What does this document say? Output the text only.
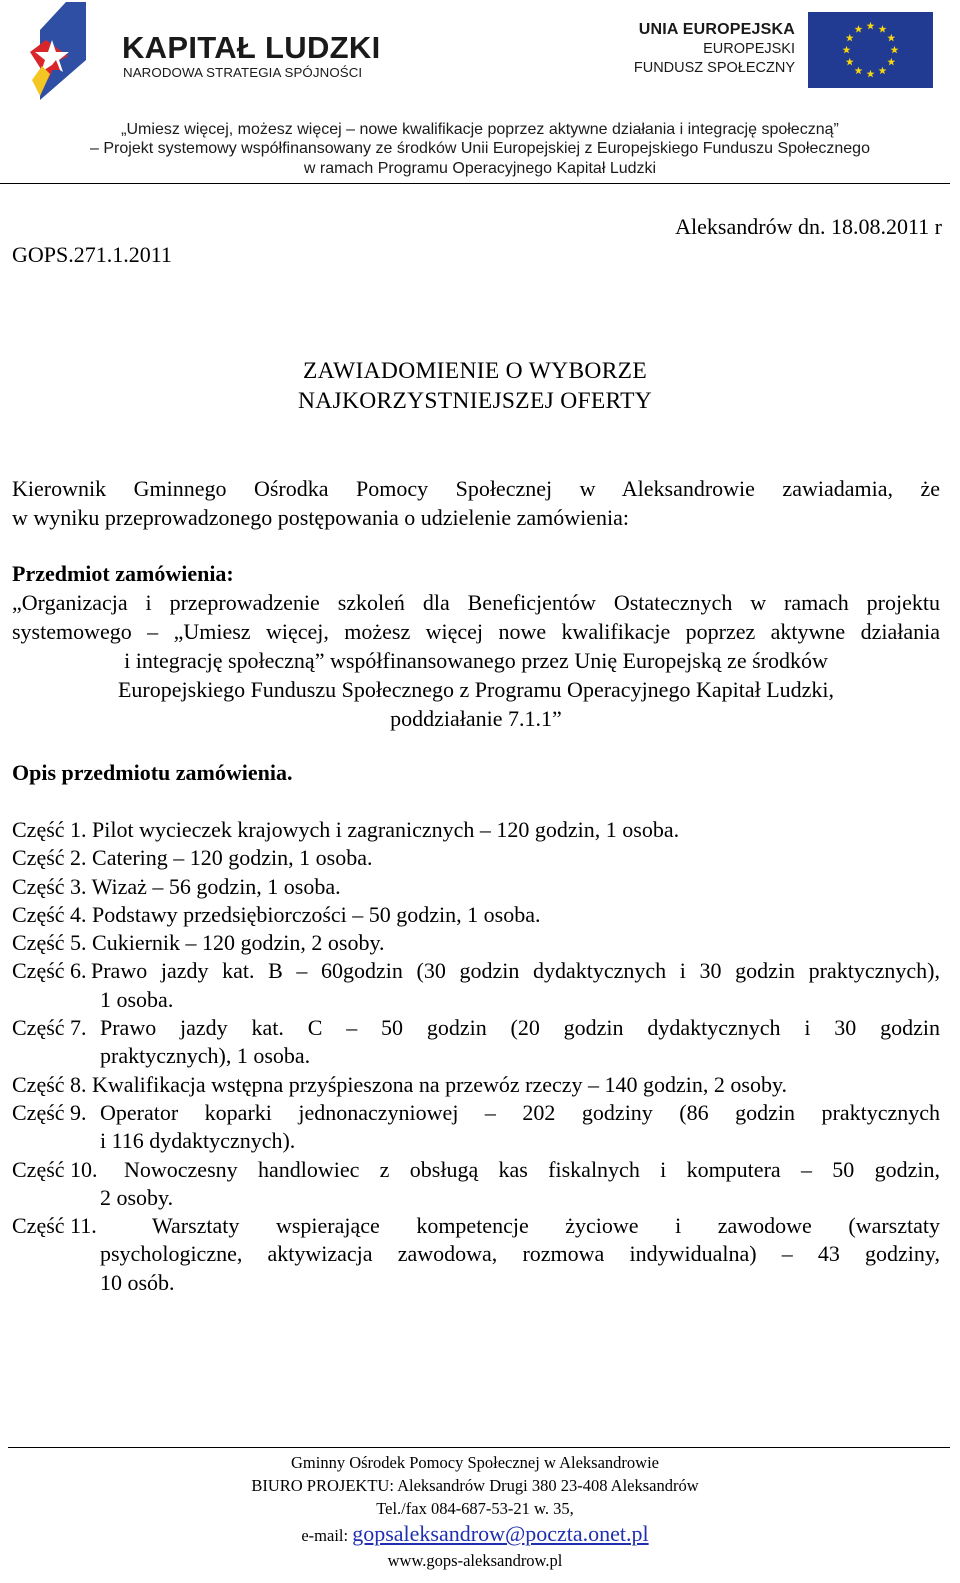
KAPITAŁ LUDZKI
NARODOWA STRATEGIA SPÓJNOŚCI
UNIA EUROPEJSKA
EUROPEJSKI
FUNDUSZ SPOŁECZNY
„Umiesz więcej, możesz więcej – nowe kwalifikacje poprzez aktywne działania i integrację społeczną”
– Projekt systemowy współfinansowany ze środków Unii Europejskiej z Europejskiego Funduszu Społecznego
w ramach Programu Operacyjnego Kapitał Ludzki
GOPS.271.1.2011
Aleksandrów dn. 18.08.2011 r
ZAWIADOMIENIE O WYBORZE
NAJKORZYSTNIEJSZEJ OFERTY
Kierownik Gminnego Ośrodka Pomocy Społecznej w Aleksandrowie zawiadamia, że
w wyniku przeprowadzonego postępowania o udzielenie zamówienia:
Przedmiot zamówienia:
„Organizacja i przeprowadzenie szkoleń dla Beneficjentów Ostatecznych w ramach projektu
systemowego – „Umiesz więcej, możesz więcej nowe kwalifikacje poprzez aktywne działania
i integrację społeczną” współfinansowanego przez Unię Europejską ze środków
Europejskiego Funduszu Społecznego z Programu Operacyjnego Kapitał Ludzki,
poddziałanie 7.1.1”
Opis przedmiotu zamówienia.
Część 1. Pilot wycieczek krajowych i zagranicznych – 120 godzin, 1 osoba.
Część 2. Catering – 120 godzin, 1 osoba.
Część 3. Wizaż – 56 godzin, 1 osoba.
Część 4. Podstawy przedsiębiorczości – 50 godzin, 1 osoba.
Część 5. Cukiernik – 120 godzin, 2 osoby.
Część 6. Prawo jazdy kat. B – 60godzin (30 godzin dydaktycznych i 30 godzin praktycznych),
1 osoba.
Część 7. Prawo jazdy kat. C – 50 godzin (20 godzin dydaktycznych i 30 godzin
praktycznych), 1 osoba.
Część 8. Kwalifikacja wstępna przyśpieszona na przewóz rzeczy – 140 godzin, 2 osoby.
Część 9. Operator koparki jednonaczyniowej – 202 godziny (86 godzin praktycznych
i 116 dydaktycznych).
Część 10. Nowoczesny handlowiec z obsługą kas fiskalnych i komputera – 50 godzin,
2 osoby.
Część 11.	Warsztaty wspierające kompetencje życiowe i zawodowe (warsztaty
psychologiczne, aktywizacja zawodowa, rozmowa indywidualna) – 43 godziny,
10 osób.
Gminny Ośrodek Pomocy Społecznej w Aleksandrowie
BIURO PROJEKTU: Aleksandrów Drugi 380 23-408 Aleksandrów
Tel./fax 084-687-53-21 w. 35,
e-mail: gopsaleksandrow@poczta.onet.pl
www.gops-aleksandrow.pl
